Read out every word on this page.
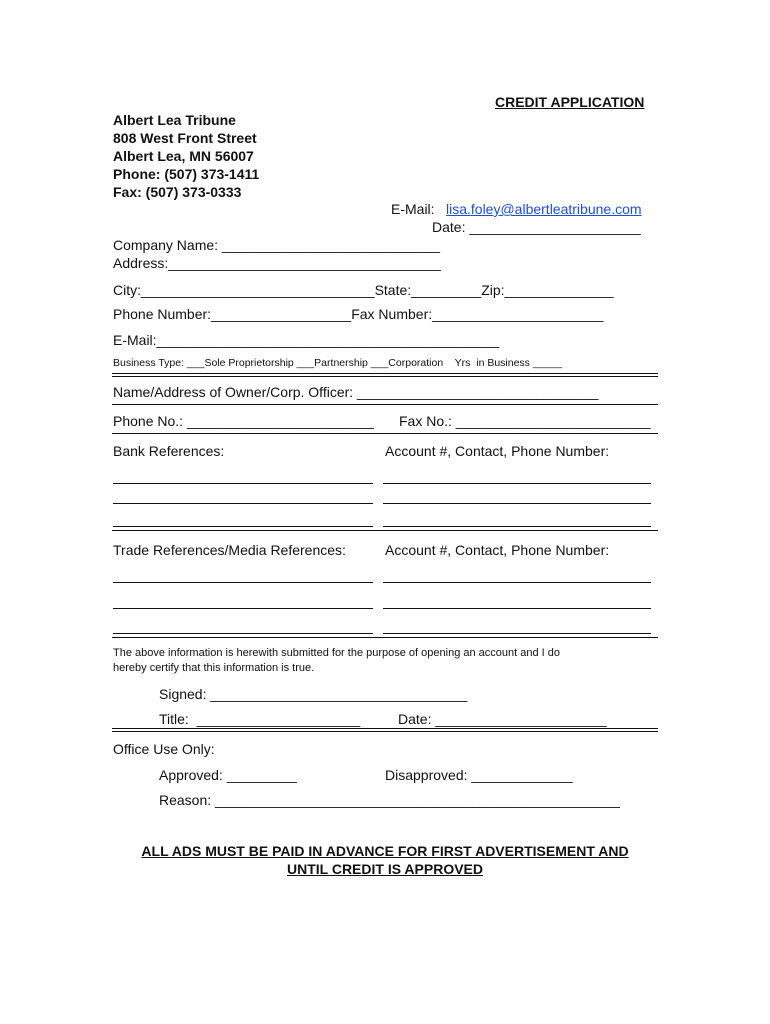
CREDIT APPLICATION
Albert Lea Tribune
808 West Front Street
Albert Lea, MN 56007
Phone: (507) 373-1411
Fax: (507) 373-0333
E-Mail: lisa.foley@albertleatribune.com
Date: ______________________
Company Name: ____________________________
Address:___________________________________
City:______________________________State:_________Zip:______________
Phone Number:__________________Fax Number:______________________
E-Mail:____________________________________________
Business Type: ___Sole Proprietorship ___Partnership ___Corporation    Yrs  in Business _____
Name/Address of Owner/Corp. Officer: _______________________________
Phone No.: ________________________ Fax No.: _________________________
Bank References:	Account #, Contact, Phone Number:
Trade References/Media References:	Account #, Contact, Phone Number:
The above information is herewith submitted for the purpose of opening an account and I do
hereby certify that this information is true.
Signed: _________________________________
Title:  _____________________	Date: ______________________
Office Use Only:
Approved: _________	Disapproved: _____________
Reason: ____________________________________________________
ALL ADS MUST BE PAID IN ADVANCE FOR FIRST ADVERTISEMENT AND
UNTIL CREDIT IS APPROVED
